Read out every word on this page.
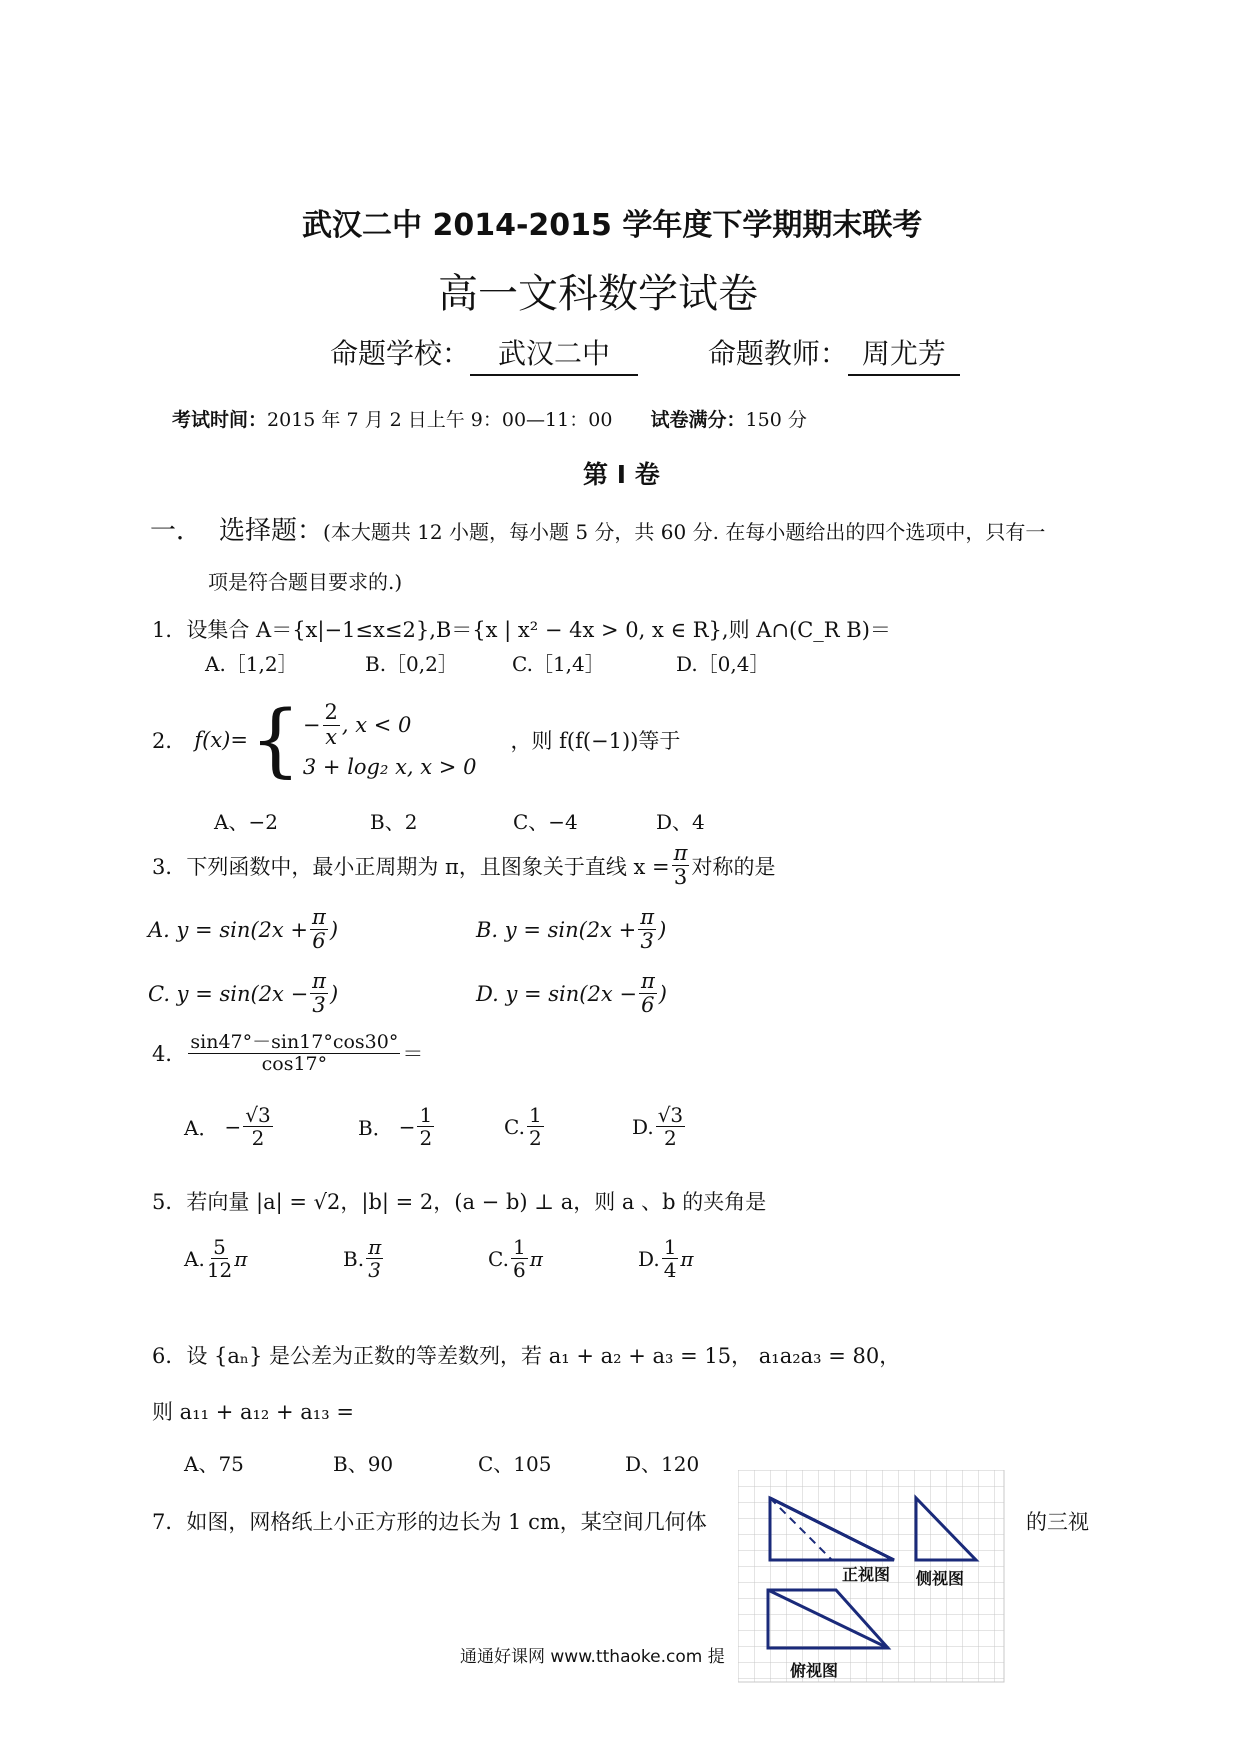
武汉二中 2014-2015 学年度下学期期末联考
高一文科数学试卷
命题学校： 武汉二中	命题教师： 周尤芳
考试时间：2015 年 7 月 2 日上午 9：00—11：00 试卷满分：150 分
第 I 卷
一． 选择题：(本大题共 12 小题，每小题 5 分，共 60 分. 在每小题给出的四个选项中，只有一
项是符合题目要求的.)
1．设集合 A＝{x|−1≤x≤2},B＝{x | x² − 4x > 0, x ∈ R},则 A∩(C_R B)＝
A.［1,2］	B.［0,2］	C.［1,4］	D.［0,4］
2． f(x)= { − $\frac{2}{x}$ , x < 0
3 + log₂ x, x > 0
，则 f(f(−1))等于
A、−2	B、2	C、−4	D、4
3．下列函数中，最小正周期为 π，且图象关于直线 $x = \frac{\pi}{3}$ 对称的是
A. $y = \sin(2x + \frac{\pi}{6}$ )	B. $y = \sin(2x + \frac{\pi}{3}$ )
C. $y = \sin(2x - \frac{\pi}{3}$ )	D. $y = \sin(2x - \frac{\pi}{6}$ )
4． $\frac{\sin 47^\circ-\sin 17^\circ\cos 30^\circ}{\cos 17^\circ}$ ＝
A． − $\frac{√3}{2}$	B． − $\frac{1}{2}$	C. $\frac{1}{2}$	D. $\frac{√3}{2}$
5．若向量 |a| = √2，|b| = 2，(a − b) ⊥ a，则 a 、b 的夹角是
A. $\frac{5}{12}$ π	B. $\frac{\pi}{3}$	C. $\frac{1}{6}$ π	D. $\frac{1}{4}$ π
6．设 {aₙ} 是公差为正数的等差数列，若 a₁ + a₂ + a₃ = 15， a₁a₂a₃ = 80，
则 a₁₁ + a₁₂ + a₁₃ =
A、75	B、90	C、105	D、120
7．如图，网格纸上小正方形的边长为 1 cm，某空间几何体	的三视
正视图 侧视图
俯视图
通通好课网 www.tthaoke.com 提
